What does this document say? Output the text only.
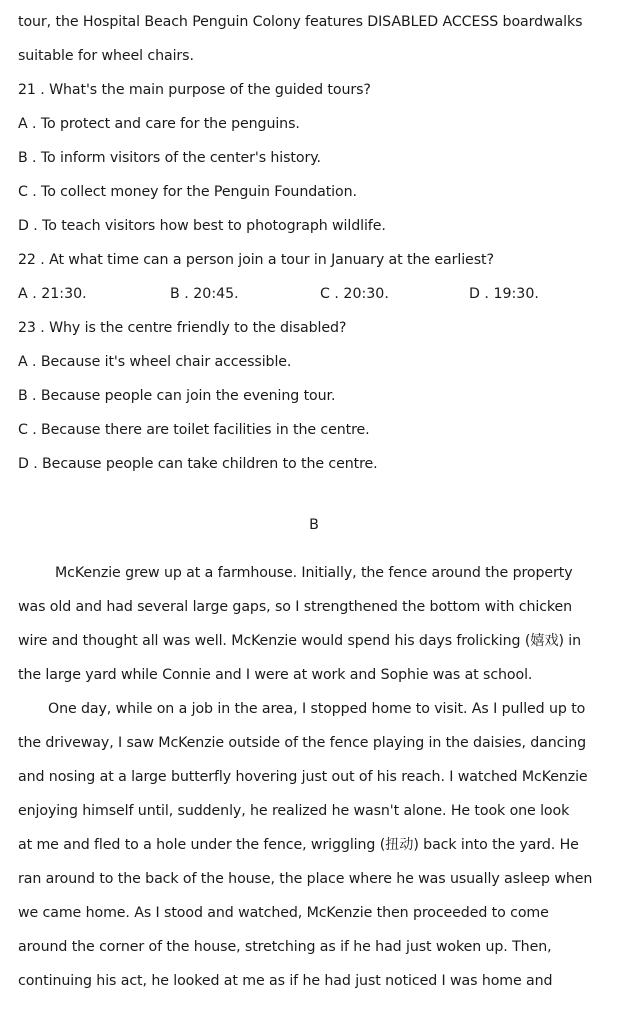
tour, the Hospital Beach Penguin Colony features DISABLED ACCESS boardwalks
suitable for wheel chairs.
21 . What's the main purpose of the guided tours?
A . To protect and care for the penguins.
B . To inform visitors of the center's history.
C . To collect money for the Penguin Foundation.
D . To teach visitors how best to photograph wildlife.
22 . At what time can a person join a tour in January at the earliest?
A . 21:30.	B . 20:45.	C . 20:30.	D . 19:30.
23 . Why is the centre friendly to the disabled?
A . Because it's wheel chair accessible.
B . Because people can join the evening tour.
C . Because there are toilet facilities in the centre.
D . Because people can take children to the centre.
B
McKenzie grew up at a farmhouse. Initially, the fence around the property
was old and had several large gaps, so I strengthened the bottom with chicken
wire and thought all was well. McKenzie would spend his days frolicking (嬉戏) in
the large yard while Connie and I were at work and Sophie was at school.
One day, while on a job in the area, I stopped home to visit. As I pulled up to
the driveway, I saw McKenzie outside of the fence playing in the daisies, dancing
and nosing at a large butterfly hovering just out of his reach. I watched McKenzie
enjoying himself until, suddenly, he realized he wasn't alone. He took one look
at me and fled to a hole under the fence, wriggling (扭动) back into the yard. He
ran around to the back of the house, the place where he was usually asleep when
we came home. As I stood and watched, McKenzie then proceeded to come
around the corner of the house, stretching as if he had just woken up. Then,
continuing his act, he looked at me as if he had just noticed I was home and
